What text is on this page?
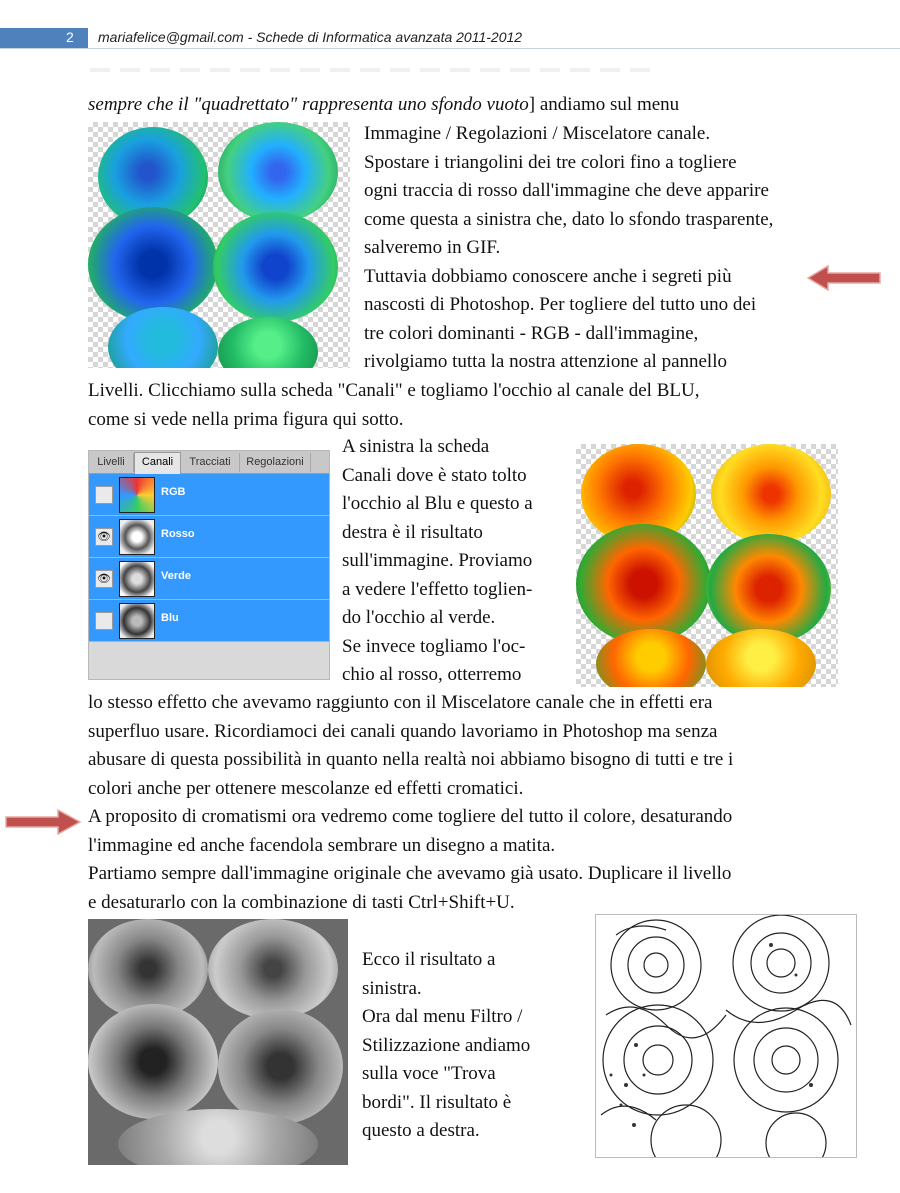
2	mariafelice@gmail.com - Schede di Informatica avanzata 2011-2012
sempre che il "quadrettato" rappresenta uno sfondo vuoto] andiamo sul menu
Immagine / Regolazioni / Miscelatore canale.
Spostare i triangolini dei tre colori fino a togliere
ogni traccia di rosso dall'immagine che deve apparire
come questa a sinistra che, dato lo sfondo trasparente,
salveremo in GIF.
Tuttavia dobbiamo conoscere anche i segreti più
nascosti di Photoshop. Per togliere del tutto uno dei
tre colori dominanti - RGB - dall'immagine,
rivolgiamo tutta la nostra attenzione al pannello
Livelli. Clicchiamo sulla scheda "Canali" e togliamo l'occhio al canale del BLU,
come si vede nella prima figura qui sotto.
Livelli	Canali	Tracciati	Regolazioni
RGB
👁	Rosso
👁	Verde
Blu
A sinistra la scheda
Canali dove è stato tolto
l'occhio al Blu e questo a
destra è il risultato
sull'immagine. Proviamo
a vedere l'effetto toglien-
do l'occhio al verde.
Se invece togliamo l'oc-
chio al rosso, otterremo
lo stesso effetto che avevamo raggiunto con il Miscelatore canale che in effetti era
superfluo usare. Ricordiamoci dei canali quando lavoriamo in Photoshop ma senza
abusare di questa possibilità in quanto nella realtà noi abbiamo bisogno di tutti e tre i
colori anche per ottenere mescolanze ed effetti cromatici.
A proposito di cromatismi ora vedremo come togliere del tutto il colore, desaturando
l'immagine ed anche facendola sembrare un disegno a matita.
Partiamo sempre dall'immagine originale che avevamo già usato. Duplicare il livello
e desaturarlo con la combinazione di tasti Ctrl+Shift+U.
Ecco il risultato a
sinistra.
Ora dal menu Filtro /
Stilizzazione andiamo
sulla voce "Trova
bordi". Il risultato è
questo a destra.
